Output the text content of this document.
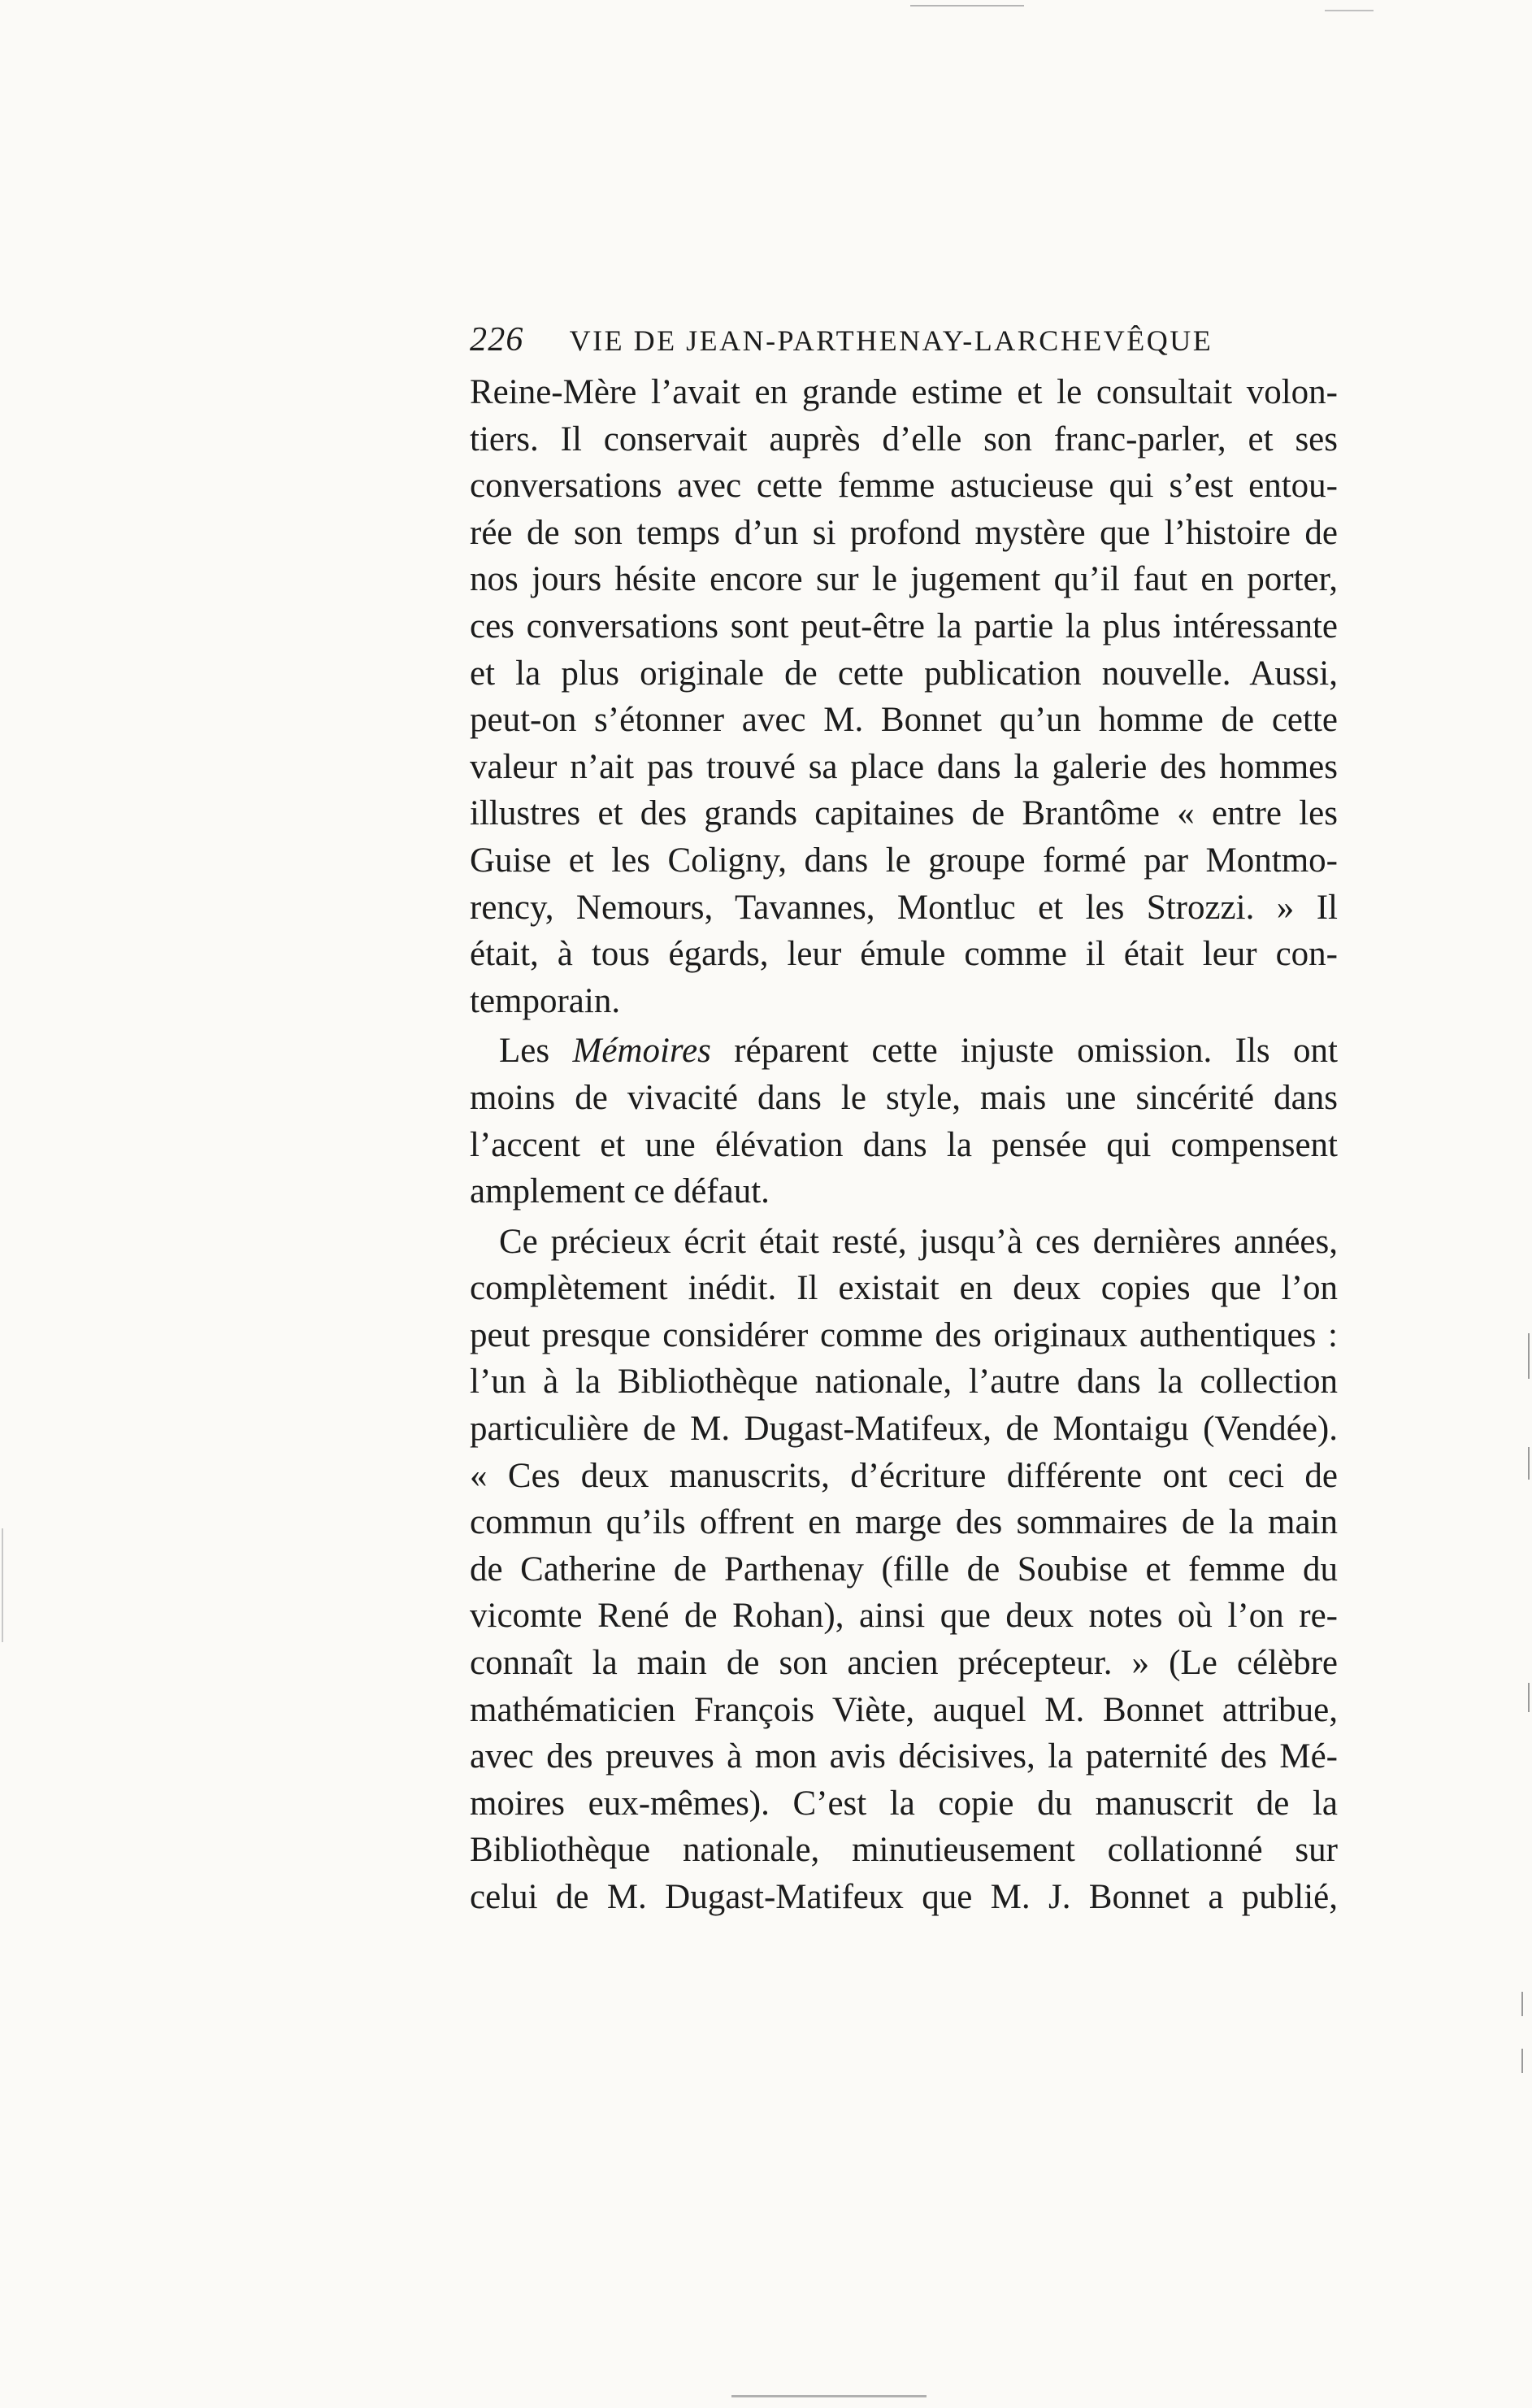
226 VIE DE JEAN-PARTHENAY-LARCHEVÊQUE
Reine-Mère l’avait en grande estime et le consultait volon-
tiers. Il conservait auprès d’elle son franc-parler, et ses
conversations avec cette femme astucieuse qui s’est entou-
rée de son temps d’un si profond mystère que l’histoire de
nos jours hésite encore sur le jugement qu’il faut en porter,
ces conversations sont peut-être la partie la plus intéressante
et la plus originale de cette publication nouvelle. Aussi,
peut-on s’étonner avec M. Bonnet qu’un homme de cette
valeur n’ait pas trouvé sa place dans la galerie des hommes
illustres et des grands capitaines de Brantôme « entre les
Guise et les Coligny, dans le groupe formé par Montmo-
rency, Nemours, Tavannes, Montluc et les Strozzi. » Il
était, à tous égards, leur émule comme il était leur con-
temporain.
Les Mémoires réparent cette injuste omission. Ils ont
moins de vivacité dans le style, mais une sincérité dans
l’accent et une élévation dans la pensée qui compensent
amplement ce défaut.
Ce précieux écrit était resté, jusqu’à ces dernières années,
complètement inédit. Il existait en deux copies que l’on
peut presque considérer comme des originaux authentiques :
l’un à la Bibliothèque nationale, l’autre dans la collection
particulière de M. Dugast-Matifeux, de Montaigu (Vendée).
« Ces deux manuscrits, d’écriture différente ont ceci de
commun qu’ils offrent en marge des sommaires de la main
de Catherine de Parthenay (fille de Soubise et femme du
vicomte René de Rohan), ainsi que deux notes où l’on re-
connaît la main de son ancien précepteur. » (Le célèbre
mathématicien François Viète, auquel M. Bonnet attribue,
avec des preuves à mon avis décisives, la paternité des Mé-
moires eux-mêmes). C’est la copie du manuscrit de la
Bibliothèque nationale, minutieusement collationné sur
celui de M. Dugast-Matifeux que M. J. Bonnet a publié,
